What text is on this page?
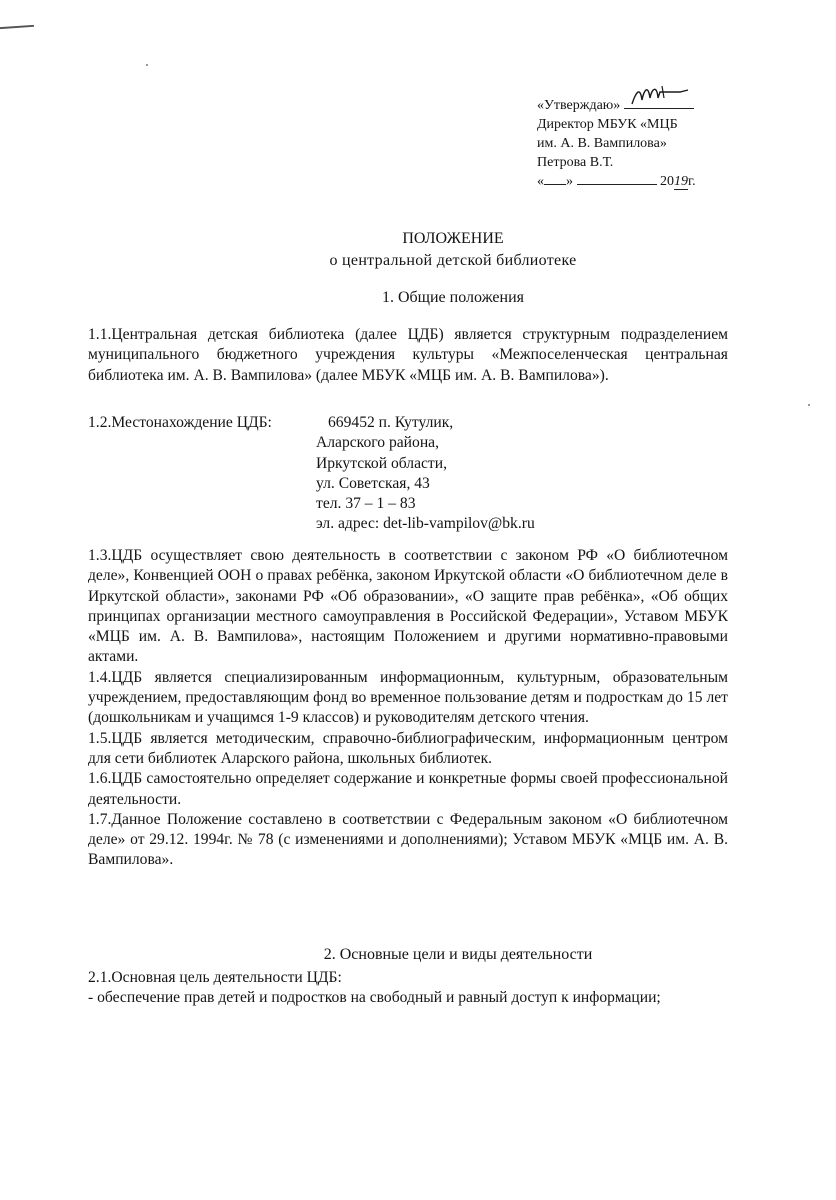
«Утверждаю»
Директор МБУК «МЦБ
им. А. В. Вампилова»
Петрова В.Т.
« »	2019г.
ПОЛОЖЕНИЕ
о центральной детской библиотеке
1. Общие положения

1.1.Центральная детская библиотека (далее ЦДБ) является структурным подразделением муниципального бюджетного учреждения культуры «Межпоселенческая центральная библиотека им. А. В. Вампилова» (далее МБУК «МЦБ им. А. В. Вампилова»).

1.2.Местонахождение ЦДБ:	669452 п. Кутулик,
Аларского района,
Иркутской области,
ул. Советская, 43
тел. 37 – 1 – 83
эл. адрес: det-lib-vampilov@bk.ru

1.3.ЦДБ осуществляет свою деятельность в соответствии с законом РФ «О библиотечном деле», Конвенцией ООН о правах ребёнка, законом Иркутской области «О библиотечном деле в Иркутской области», законами РФ «Об образовании», «О защите прав ребёнка», «Об общих принципах организации местного самоуправления в Российской Федерации», Уставом МБУК «МЦБ им. А. В. Вампилова», настоящим Положением и другими нормативно-правовыми актами.

1.4.ЦДБ является специализированным информационным, культурным, образовательным учреждением, предоставляющим фонд во временное пользование детям и подросткам до 15 лет (дошкольникам и учащимся 1-9 классов) и руководителям детского чтения.

1.5.ЦДБ является методическим, справочно-библиографическим, информационным центром для сети библиотек Аларского района, школьных библиотек.

1.6.ЦДБ самостоятельно определяет содержание и конкретные формы своей профессиональной деятельности.

1.7.Данное Положение составлено в соответствии с Федеральным законом «О библиотечном деле» от 29.12. 1994г. № 78 (с изменениями и дополнениями); Уставом МБУК «МЦБ им. А. В. Вампилова».

2. Основные цели и виды деятельности

2.1.Основная цель деятельности ЦДБ:

- обеспечение прав детей и подростков на свободный и равный доступ к информации;
